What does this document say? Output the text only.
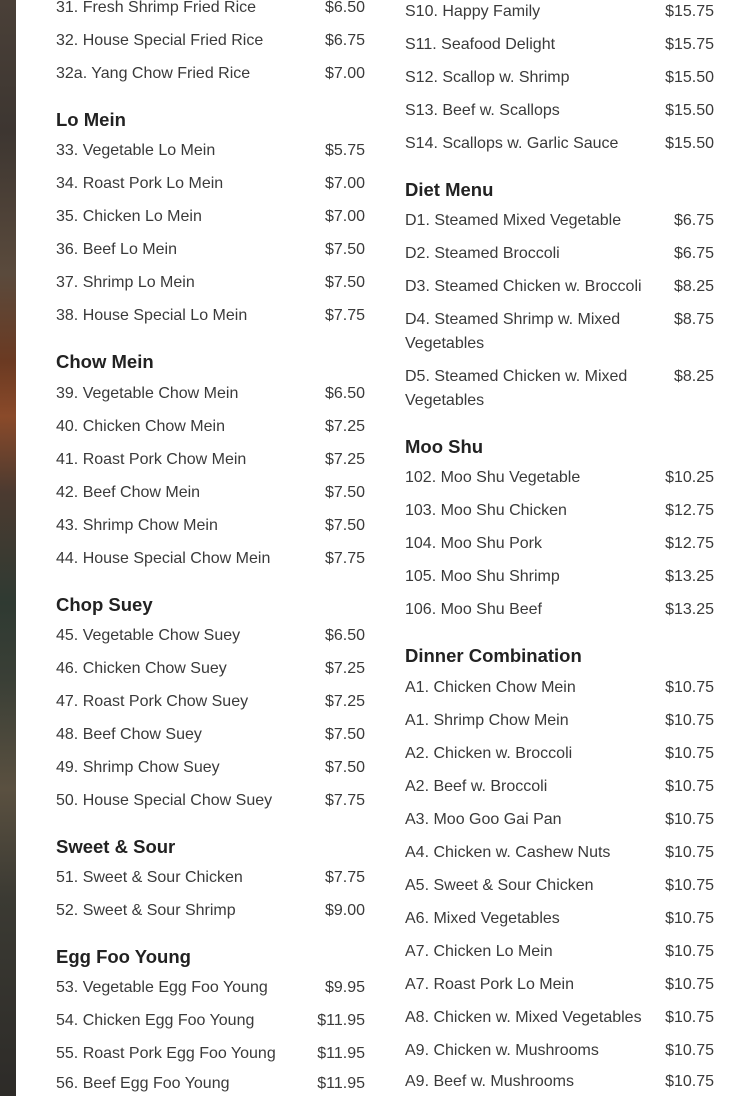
31. Fresh Shrimp Fried Rice	$6.50
32. House Special Fried Rice	$6.75
32a. Yang Chow Fried Rice	$7.00
Lo Mein
33. Vegetable Lo Mein	$5.75
34. Roast Pork Lo Mein	$7.00
35. Chicken Lo Mein	$7.00
36. Beef Lo Mein	$7.50
37. Shrimp Lo Mein	$7.50
38. House Special Lo Mein	$7.75
Chow Mein
39. Vegetable Chow Mein	$6.50
40. Chicken Chow Mein	$7.25
41. Roast Pork Chow Mein	$7.25
42. Beef Chow Mein	$7.50
43. Shrimp Chow Mein	$7.50
44. House Special Chow Mein	$7.75
Chop Suey
45. Vegetable Chow Suey	$6.50
46. Chicken Chow Suey	$7.25
47. Roast Pork Chow Suey	$7.25
48. Beef Chow Suey	$7.50
49. Shrimp Chow Suey	$7.50
50. House Special Chow Suey	$7.75
Sweet & Sour
51. Sweet & Sour Chicken	$7.75
52. Sweet & Sour Shrimp	$9.00
Egg Foo Young
53. Vegetable Egg Foo Young	$9.95
54. Chicken Egg Foo Young	$11.95
55. Roast Pork Egg Foo Young	$11.95
56. Beef Egg Foo Young	$11.95
S10. Happy Family	$15.75
S11. Seafood Delight	$15.75
S12. Scallop w. Shrimp	$15.50
S13. Beef w. Scallops	$15.50
S14. Scallops w. Garlic Sauce	$15.50
Diet Menu
D1. Steamed Mixed Vegetable	$6.75
D2. Steamed Broccoli	$6.75
D3. Steamed Chicken w. Broccoli	$8.25
D4. Steamed Shrimp w. Mixed Vegetables
$8.75
D5. Steamed Chicken w. Mixed Vegetables
$8.25
Moo Shu
102. Moo Shu Vegetable	$10.25
103. Moo Shu Chicken	$12.75
104. Moo Shu Pork	$12.75
105. Moo Shu Shrimp	$13.25
106. Moo Shu Beef	$13.25
Dinner Combination
A1. Chicken Chow Mein	$10.75
A1. Shrimp Chow Mein	$10.75
A2. Chicken w. Broccoli	$10.75
A2. Beef w. Broccoli	$10.75
A3. Moo Goo Gai Pan	$10.75
A4. Chicken w. Cashew Nuts	$10.75
A5. Sweet & Sour Chicken	$10.75
A6. Mixed Vegetables	$10.75
A7. Chicken Lo Mein	$10.75
A7. Roast Pork Lo Mein	$10.75
A8. Chicken w. Mixed Vegetables	$10.75
A9. Chicken w. Mushrooms	$10.75
A9. Beef w. Mushrooms	$10.75
